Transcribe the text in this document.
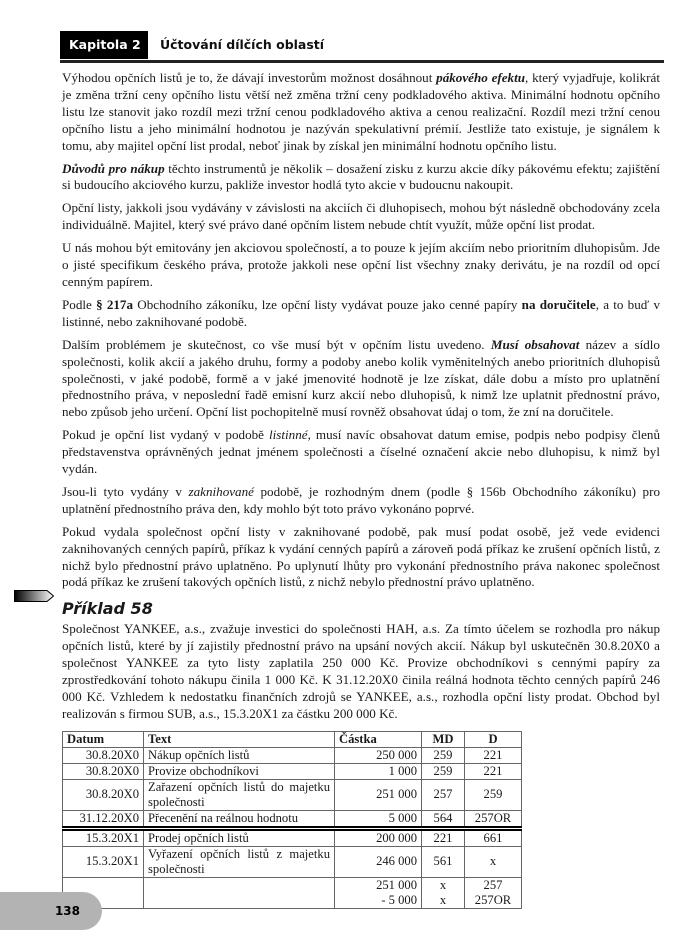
Kapitola 2	Účtování dílčích oblastí

Výhodou opčních listů je to, že dávají investorům možnost dosáhnout pákového efektu, který vyjadřuje, kolikrát je změna tržní ceny opčního listu větší než změna tržní ceny podkladového aktiva. Minimální hodnotu opčního listu lze stanovit jako rozdíl mezi tržní cenou podkladového aktiva a cenou realizační. Rozdíl mezi tržní cenou opčního listu a jeho minimální hodnotou je nazýván spekulativní prémií. Jestliže tato existuje, je signálem k tomu, aby majitel opční list prodal, neboť jinak by získal jen minimální hodnotu opčního listu.

Důvodů pro nákup těchto instrumentů je několik – dosažení zisku z kurzu akcie díky pákovému efektu; zajištění si budoucího akciového kurzu, pakliže investor hodlá tyto akcie v budoucnu nakoupit.

Opční listy, jakkoli jsou vydávány v závislosti na akciích či dluhopisech, mohou být následně obchodovány zcela individuálně. Majitel, který své právo dané opčním listem nebude chtít využít, může opční list prodat.

U nás mohou být emitovány jen akciovou společností, a to pouze k jejím akciím nebo prioritním dluhopisům. Jde o jisté specifikum českého práva, protože jakkoli nese opční list všechny znaky derivátu, je na rozdíl od opcí cenným papírem.

Podle § 217a Obchodního zákoníku, lze opční listy vydávat pouze jako cenné papíry na doručitele, a to buď v listinné, nebo zaknihované podobě.

Dalším problémem je skutečnost, co vše musí být v opčním listu uvedeno. Musí obsahovat název a sídlo společnosti, kolik akcií a jakého druhu, formy a podoby anebo kolik vyměnitelných anebo prioritních dluhopisů společnosti, v jaké podobě, formě a v jaké jmenovité hodnotě je lze získat, dále dobu a místo pro uplatnění přednostního práva, v neposlední řadě emisní kurz akcií nebo dluhopisů, k nimž lze uplatnit přednostní právo, nebo způsob jeho určení. Opční list pochopitelně musí rovněž obsahovat údaj o tom, že zní na doručitele.

Pokud je opční list vydaný v podobě listinné, musí navíc obsahovat datum emise, podpis nebo podpisy členů představenstva oprávněných jednat jménem společnosti a číselné označení akcie nebo dluhopisu, k nimž byl vydán.

Jsou-li tyto vydány v zaknihované podobě, je rozhodným dnem (podle § 156b Obchodního zákoníku) pro uplatnění přednostního práva den, kdy mohlo být toto právo vykonáno poprvé.

Pokud vydala společnost opční listy v zaknihované podobě, pak musí podat osobě, jež vede evidenci zaknihovaných cenných papírů, příkaz k vydání cenných papírů a zároveň podá příkaz ke zrušení opčních listů, z nichž bylo přednostní právo uplatněno. Po uplynutí lhůty pro vykonání přednostního práva nakonec společnost podá příkaz ke zrušení takových opčních listů, z nichž nebylo přednostní právo uplatněno.

Příklad 58

Společnost YANKEE, a.s., zvažuje investici do společnosti HAH, a.s. Za tímto účelem se rozhodla pro nákup opčních listů, které by jí zajistily přednostní právo na upsání nových akcií. Nákup byl uskutečněn 30.8.20X0 a společnost YANKEE za tyto listy zaplatila 250 000 Kč. Provize obchodníkovi s cennými papíry za zprostředkování tohoto nákupu činila 1 000 Kč. K 31.12.20X0 činila reálná hodnota těchto cenných papírů 246 000 Kč. Vzhledem k nedostatku finančních zdrojů se YANKEE, a.s., rozhodla opční listy prodat. Obchod byl realizován s firmou SUB, a.s., 15.3.20X1 za částku 200 000 Kč.

Datum	Text	Částka	MD	D
30.8.20X0	Nákup opčních listů	250 000	259	221
30.8.20X0	Provize obchodníkovi	1 000	259	221
30.8.20X0	Zařazení opčních listů do majetku společnosti	251 000	257	259
31.12.20X0	Přecenění na reálnou hodnotu	5 000	564	257OR
15.3.20X1	Prodej opčních listů	200 000	221	661
15.3.20X1	Vyřazení opčních listů z majetku společnosti	246 000	561	x
		251 000	x	257
		- 5 000	x	257OR
138
